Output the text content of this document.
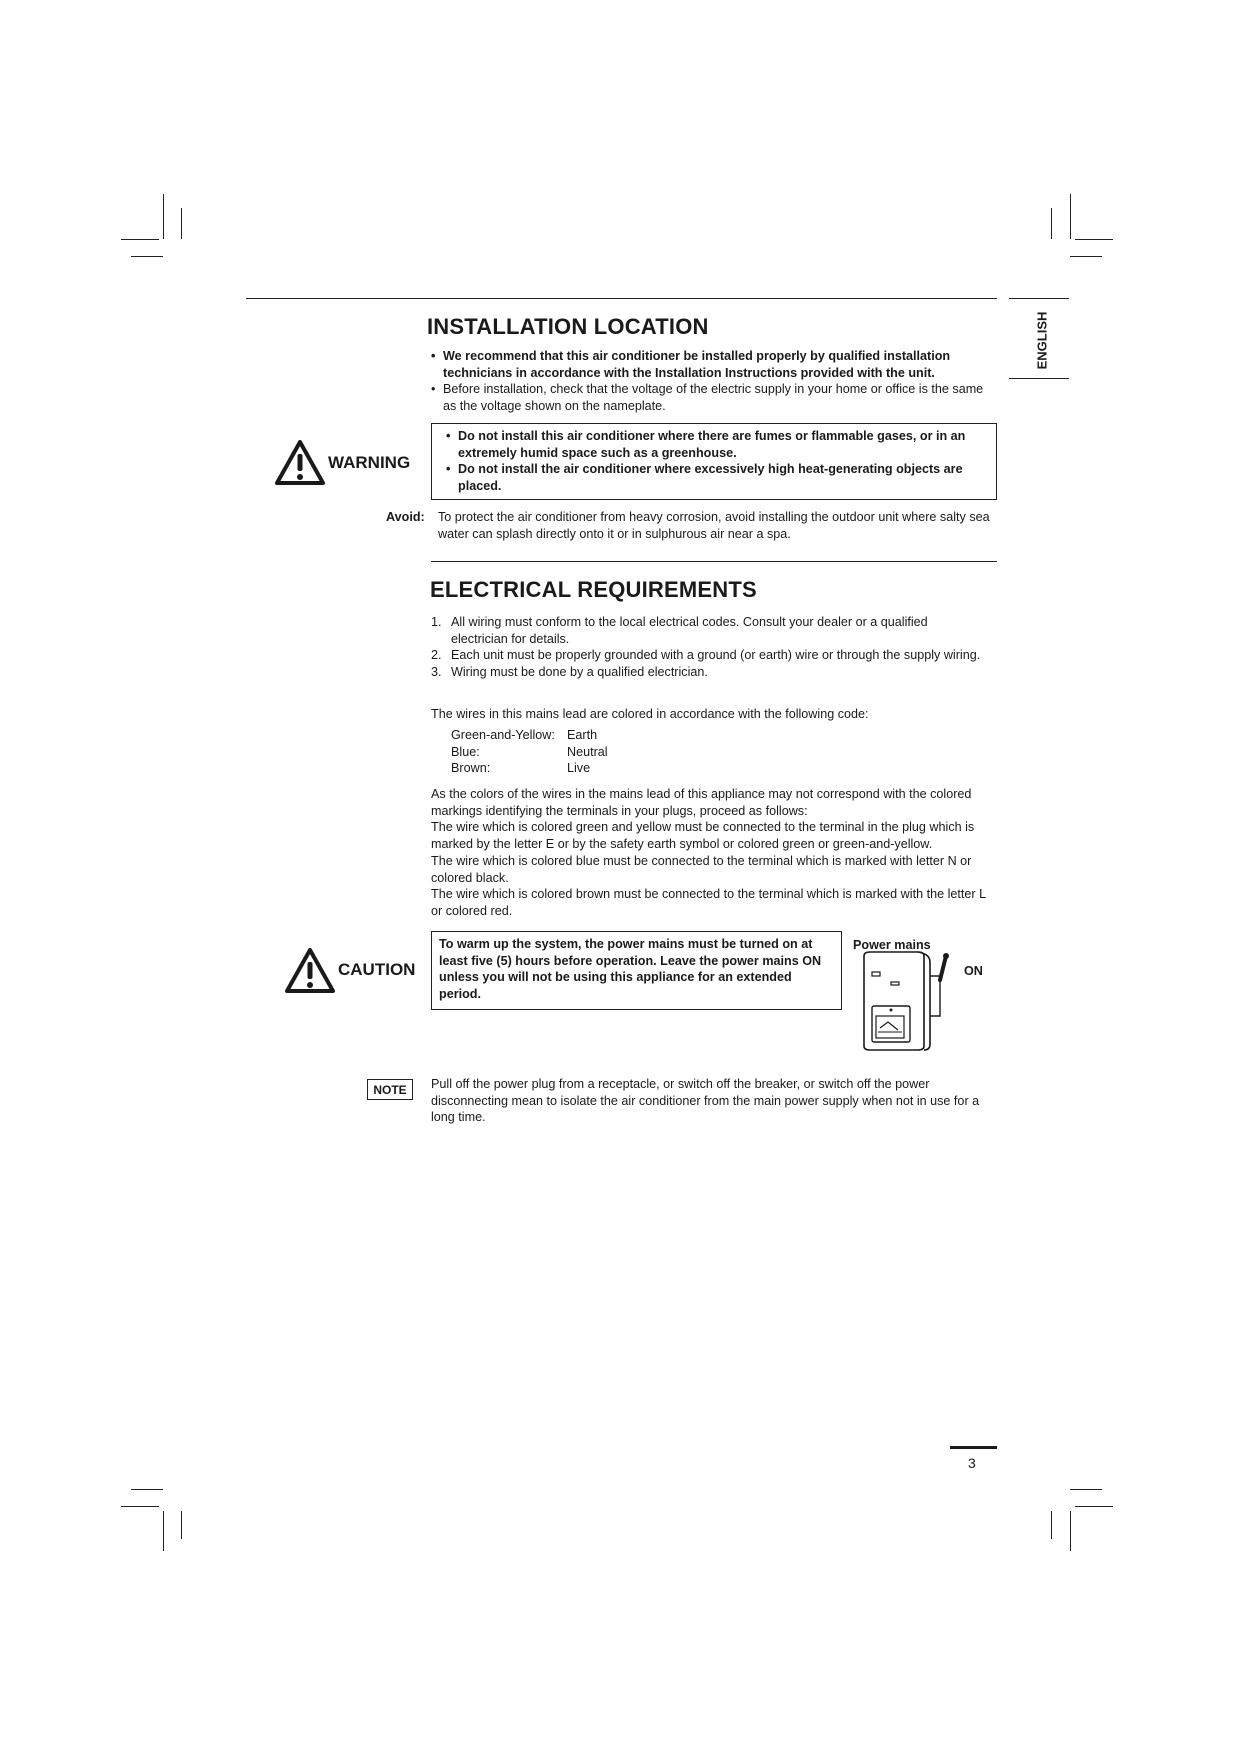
ENGLISH
INSTALLATION LOCATION
• We recommend that this air conditioner be installed properly by qualified installation technicians in accordance with the Installation Instructions provided with the unit.
• Before installation, check that the voltage of the electric supply in your home or office is the same as the voltage shown on the nameplate.
WARNING
• Do not install this air conditioner where there are fumes or flammable gases, or in an extremely humid space such as a greenhouse.
• Do not install the air conditioner where excessively high heat-generating objects are placed.
Avoid: To protect the air conditioner from heavy corrosion, avoid installing the outdoor unit where salty sea water can splash directly onto it or in sulphurous air near a spa.
ELECTRICAL REQUIREMENTS
1. All wiring must conform to the local electrical codes. Consult your dealer or a qualified electrician for details.
2. Each unit must be properly grounded with a ground (or earth) wire or through the supply wiring.
3. Wiring must be done by a qualified electrician.
The wires in this mains lead are colored in accordance with the following code:
Green-and-Yellow: Earth
Blue:	Neutral
Brown:	Live
As the colors of the wires in the mains lead of this appliance may not correspond with the colored markings identifying the terminals in your plugs, proceed as follows:
The wire which is colored green and yellow must be connected to the terminal in the plug which is marked by the letter E or by the safety earth symbol or colored green or green-and-yellow.
The wire which is colored blue must be connected to the terminal which is marked with letter N or colored black.
The wire which is colored brown must be connected to the terminal which is marked with the letter L or colored red.
CAUTION
To warm up the system, the power mains must be turned on at least five (5) hours before operation. Leave the power mains ON unless you will not be using this appliance for an extended period.
Power mains
ON
NOTE	Pull off the power plug from a receptacle, or switch off the breaker, or switch off the power disconnecting mean to isolate the air conditioner from the main power supply when not in use for a long time.
3
